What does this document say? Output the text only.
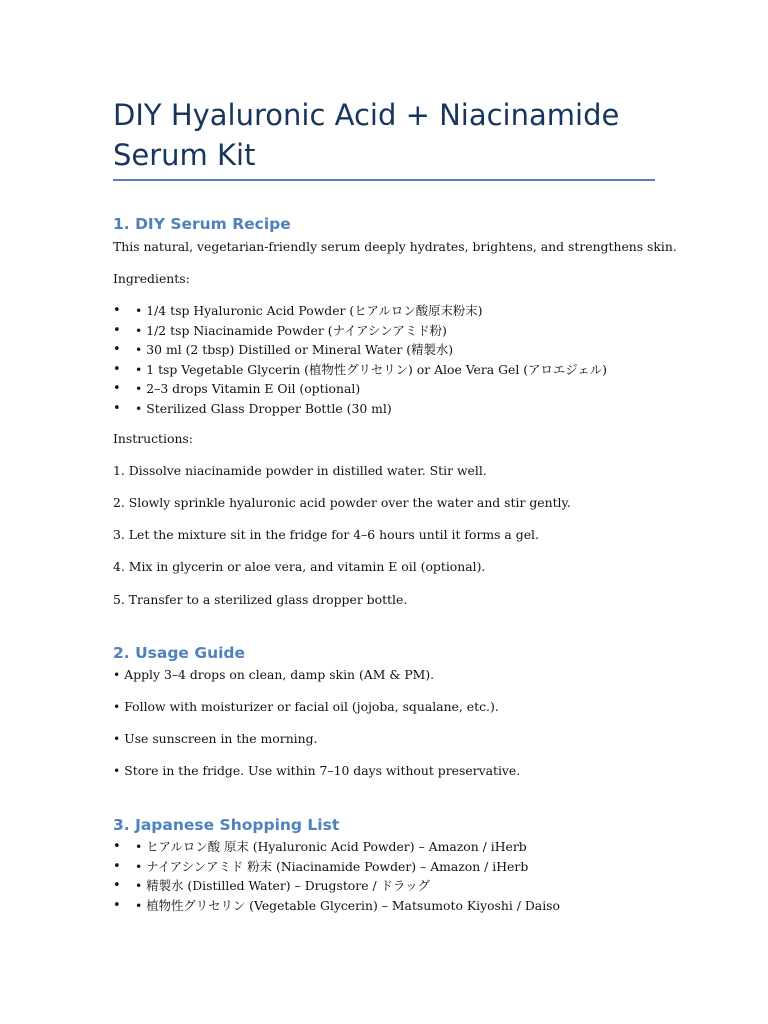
DIY Hyaluronic Acid + Niacinamide Serum Kit
1. DIY Serum Recipe

This natural, vegetarian-friendly serum deeply hydrates, brightens, and strengthens skin.

Ingredients:

• • 1/4 tsp Hyaluronic Acid Powder (ヒアルロン酸原末粉末)
• • 1/2 tsp Niacinamide Powder (ナイアシンアミド粉)
• • 30 ml (2 tbsp) Distilled or Mineral Water (精製水)
• • 1 tsp Vegetable Glycerin (植物性グリセリン) or Aloe Vera Gel (アロエジェル)
• • 2–3 drops Vitamin E Oil (optional)
• • Sterilized Glass Dropper Bottle (30 ml)

Instructions:

1. Dissolve niacinamide powder in distilled water. Stir well.

2. Slowly sprinkle hyaluronic acid powder over the water and stir gently.

3. Let the mixture sit in the fridge for 4–6 hours until it forms a gel.

4. Mix in glycerin or aloe vera, and vitamin E oil (optional).

5. Transfer to a sterilized glass dropper bottle.

2. Usage Guide

• Apply 3–4 drops on clean, damp skin (AM & PM).

• Follow with moisturizer or facial oil (jojoba, squalane, etc.).

• Use sunscreen in the morning.

• Store in the fridge. Use within 7–10 days without preservative.

3. Japanese Shopping List
• • ヒアルロン酸 原末 (Hyaluronic Acid Powder) – Amazon / iHerb
• • ナイアシンアミド 粉末 (Niacinamide Powder) – Amazon / iHerb
• • 精製水 (Distilled Water) – Drugstore / ドラッグ
• • 植物性グリセリン (Vegetable Glycerin) – Matsumoto Kiyoshi / Daiso
